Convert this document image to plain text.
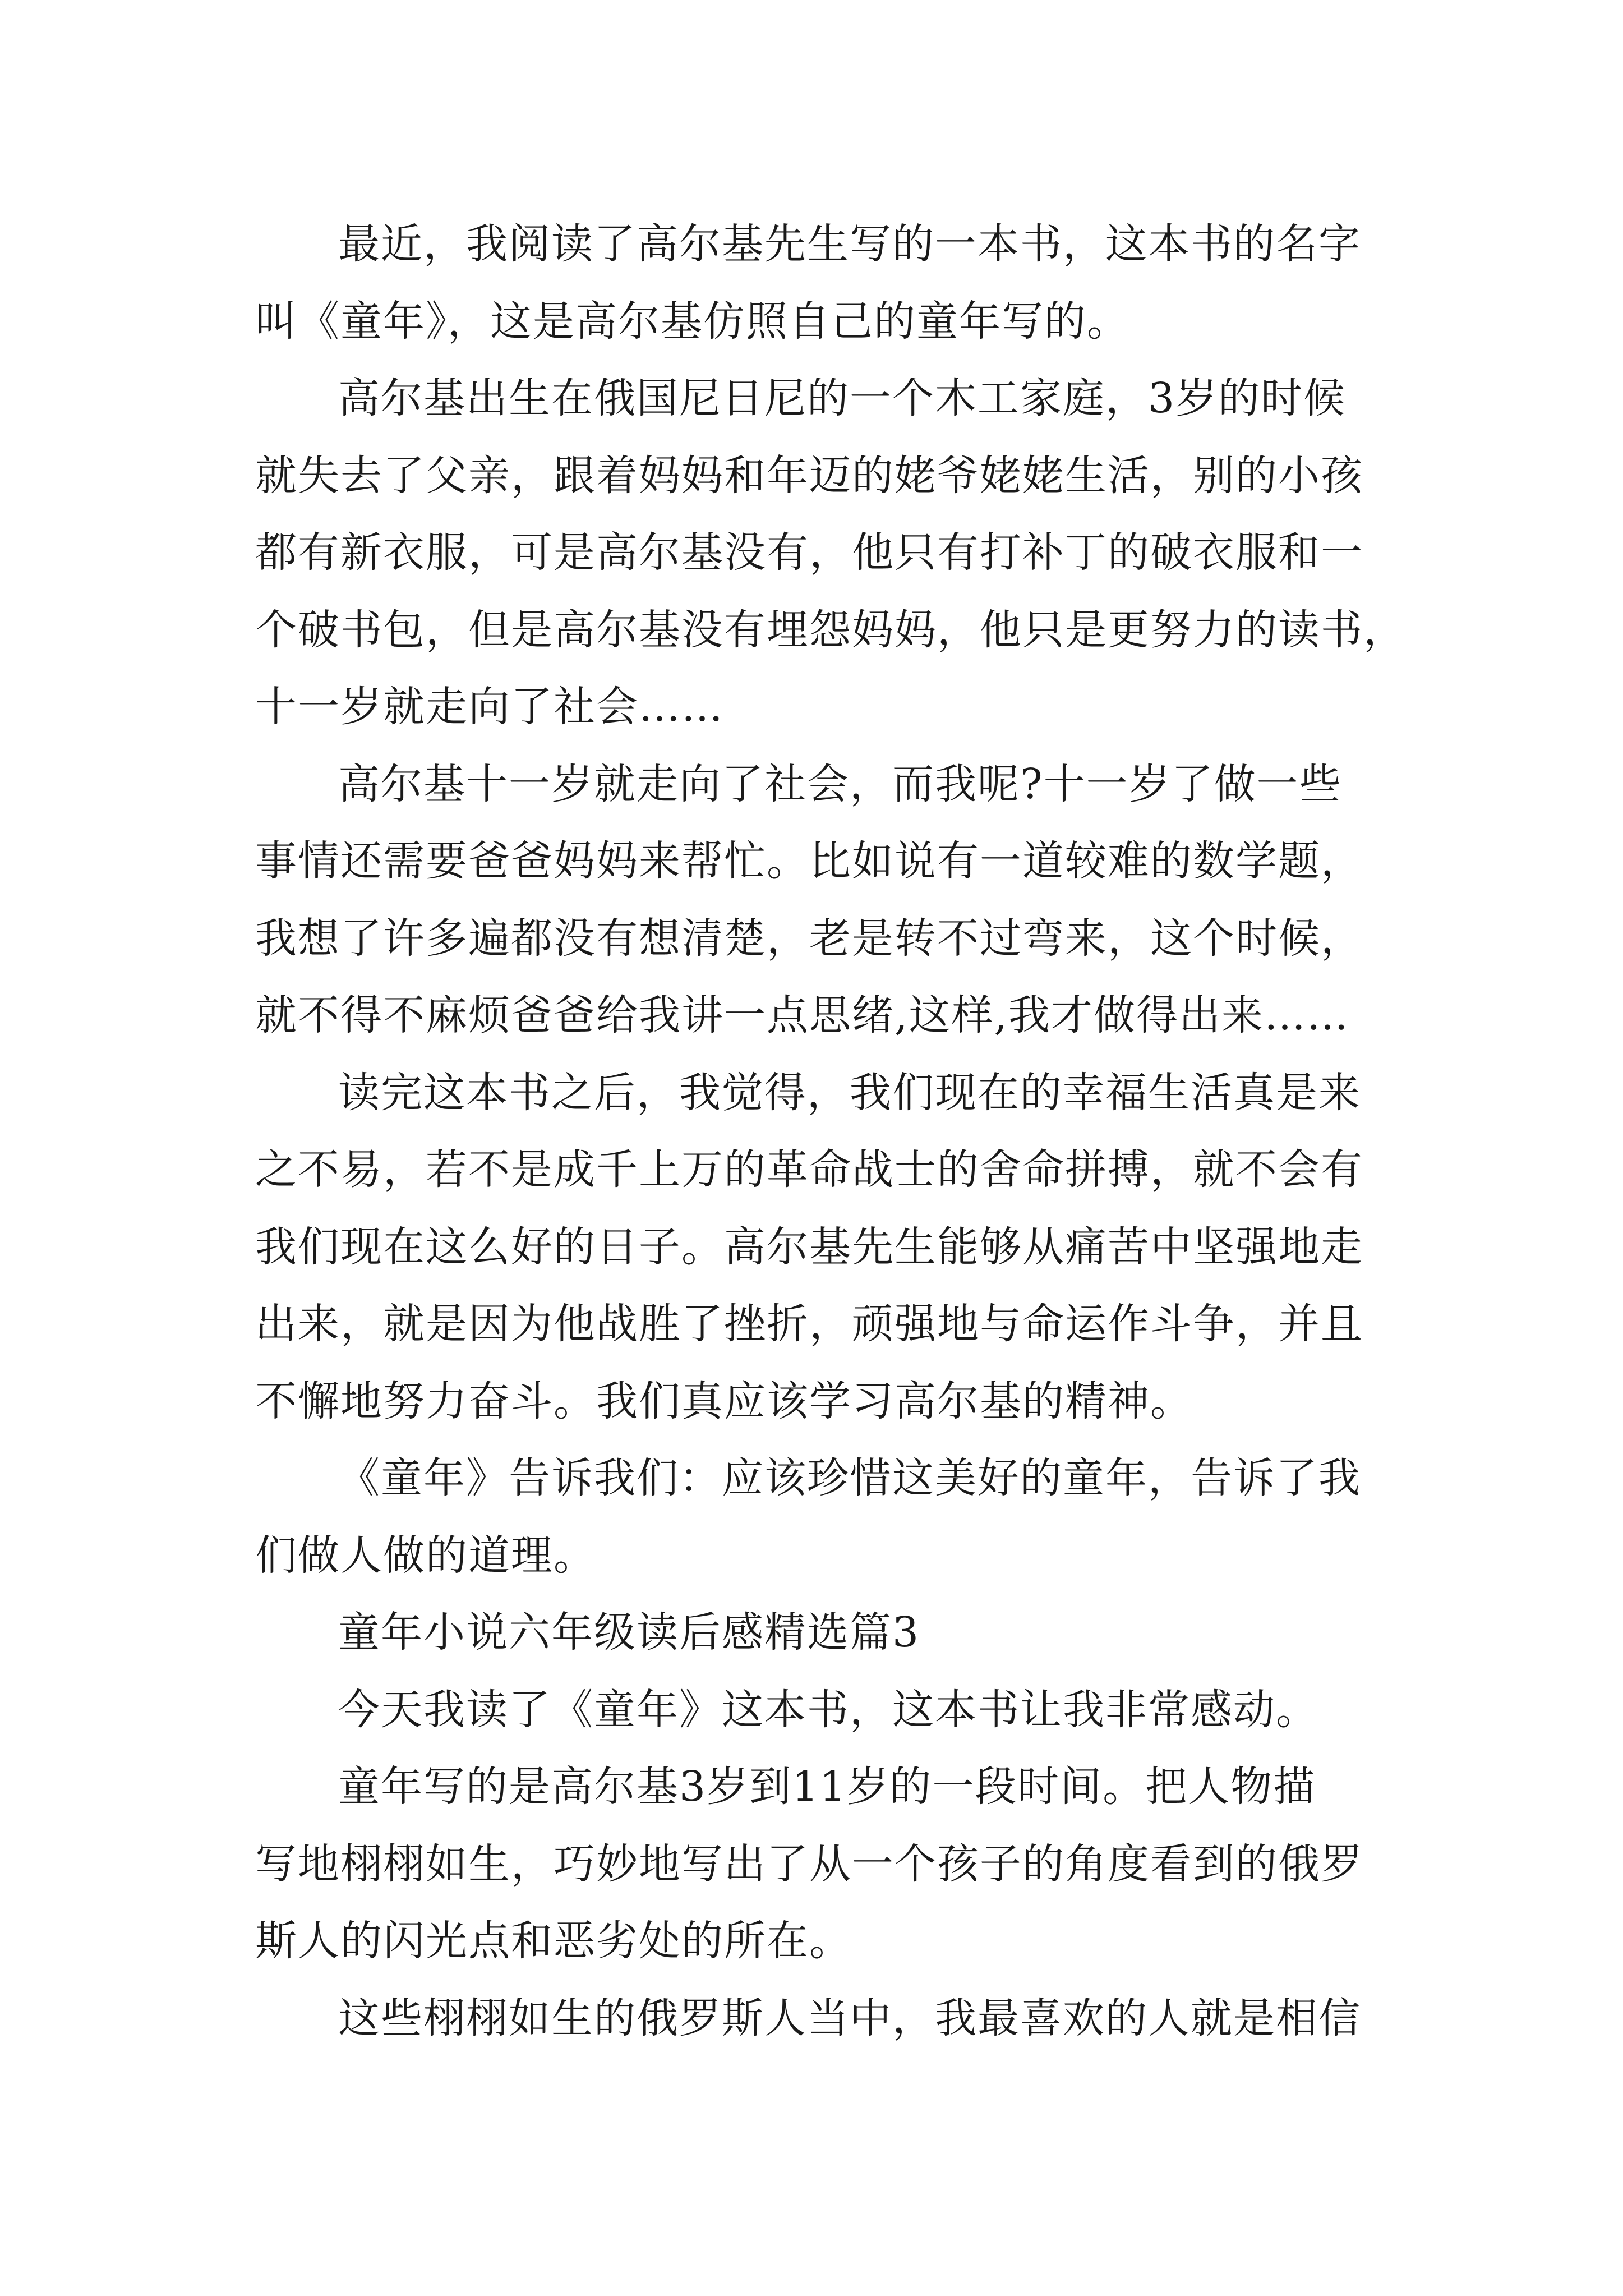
最近，我阅读了高尔基先生写的一本书，这本书的名字
叫《童年》，这是高尔基仿照自己的童年写的。
高尔基出生在俄国尼日尼的一个木工家庭，3岁的时候
就失去了父亲，跟着妈妈和年迈的姥爷姥姥生活，别的小孩
都有新衣服，可是高尔基没有，他只有打补丁的破衣服和一
个破书包，但是高尔基没有埋怨妈妈，他只是更努力的读书，
十一岁就走向了社会……
高尔基十一岁就走向了社会，而我呢?十一岁了做一些
事情还需要爸爸妈妈来帮忙。比如说有一道较难的数学题，
我想了许多遍都没有想清楚，老是转不过弯来，这个时候，
就不得不麻烦爸爸给我讲一点思绪,这样,我才做得出来……
读完这本书之后，我觉得，我们现在的幸福生活真是来
之不易，若不是成千上万的革命战士的舍命拼搏，就不会有
我们现在这么好的日子。高尔基先生能够从痛苦中坚强地走
出来，就是因为他战胜了挫折，顽强地与命运作斗争，并且
不懈地努力奋斗。我们真应该学习高尔基的精神。
《童年》告诉我们：应该珍惜这美好的童年，告诉了我
们做人做的道理。
童年小说六年级读后感精选篇3
今天我读了《童年》这本书，这本书让我非常感动。
童年写的是高尔基3岁到11岁的一段时间。把人物描
写地栩栩如生，巧妙地写出了从一个孩子的角度看到的俄罗
斯人的闪光点和恶劣处的所在。
这些栩栩如生的俄罗斯人当中，我最喜欢的人就是相信
